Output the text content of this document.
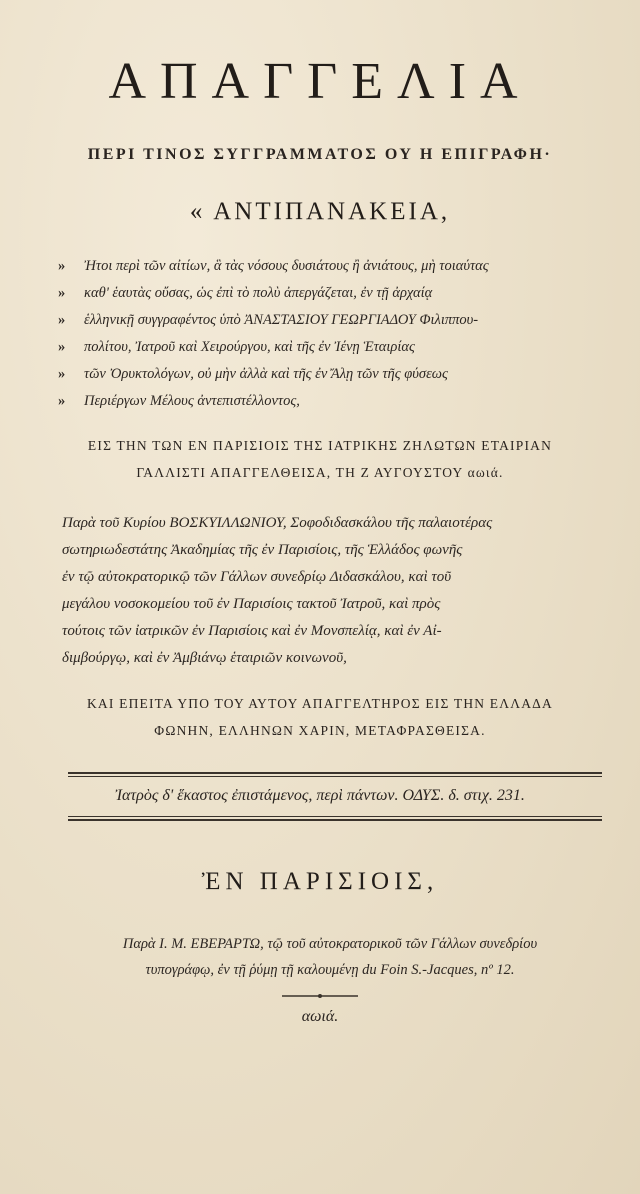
ΑΠΑΓΓΕΛΙΑ
ΠΕΡΙ ΤΙΝΟΣ ΣΥΓΓΡΑΜΜΑΤΟΣ ΟΥ Η ΕΠΙΓΡΑΦΗ·
« ΑΝΤΙΠΑΝΑΚΕΙΑ,
» Ἠτοι περὶ τῶν αἰτίων, ἃ τὰς νόσους δυσιάτους ἢ ἀνιάτους, μὴ τοιαύτας
» καθ' ἑαυτὰς οὔσας, ὡς ἐπὶ τὸ πολὺ ἀπεργάζεται, ἐν τῇ ἀρχαίᾳ
» ἑλληνικῇ συγγραφέντος ὑπὸ ἈΝΑΣΤΑΣΙΟΥ ΓΕΩΡΓΙΑΔΟΥ Φιλιππου-
» πολίτου, Ἰατροῦ καὶ Χειρούργου, καὶ τῆς ἐν Ἰένῃ Ἑταιρίας
» τῶν Ὀρυκτολόγων, οὐ μὴν ἀλλὰ καὶ τῆς ἐν Ἄλῃ τῶν τῆς φύσεως
» Περιέργων Μέλους ἀντεπιστέλλοντος,
ΕΙΣ ΤΗΝ ΤΩΝ ΕΝ ΠΑΡΙΣΙΟΙΣ ΤΗΣ ΙΑΤΡΙΚΗΣ ΖΗΛΩΤΩΝ ΕΤΑΙΡΙΑΝ
ΓΑΛΛΙΣΤΙ ΑΠΑΓΓΕΛΘΕΙΣΑ, ΤΗ Ζ ΑΥΓΟΥΣΤΟΥ αωιά.
Παρὰ τοῦ Κυρίου ΒΟΣΚΥΙΛΛΩΝΙΟΥ, Σοφοδιδασκάλου τῆς παλαιοτέρας
σωτηριωδεστάτης Ἀκαδημίας τῆς ἐν Παρισίοις, τῆς Ἑλλάδος φωνῆς
ἐν τῷ αὐτοκρατορικῷ τῶν Γάλλων συνεδρίῳ Διδασκάλου, καὶ τοῦ
μεγάλου νοσοκομείου τοῦ ἐν Παρισίοις τακτοῦ Ἰατροῦ, καὶ πρὸς
τούτοις τῶν ἰατρικῶν ἐν Παρισίοις καὶ ἐν Μονσπελίᾳ, καὶ ἐν Αἰ-
διμβούργῳ, καὶ ἐν Ἀμβιάνῳ ἑταιριῶν κοινωνοῦ,
ΚΑΙ ΕΠΕΙΤΑ ΥΠΟ ΤΟΥ ΑΥΤΟΥ ΑΠΑΓΓΕΛΤΗΡΟΣ ΕΙΣ ΤΗΝ ΕΛΛΑΔΑ
ΦΩΝΗΝ, ΕΛΛΗΝΩΝ ΧΑΡΙΝ, ΜΕΤΑΦΡΑΣΘΕΙΣΑ.
Ἰατρὸς δ' ἕκαστος ἐπιστάμενος, περὶ πάντων. ΟΔΥΣ. δ. στιχ. 231.
ἘΝ ΠΑΡΙΣΙΟΙΣ,
Παρὰ Ι. Μ. ΕΒΕΡΑΡΤΩ, τῷ τοῦ αὐτοκρατορικοῦ τῶν Γάλλων συνεδρίου
τυπογράφῳ, ἐν τῇ ῥύμῃ τῇ καλουμένῃ du Foin S.-Jacques, nº 12.
αωιά.
